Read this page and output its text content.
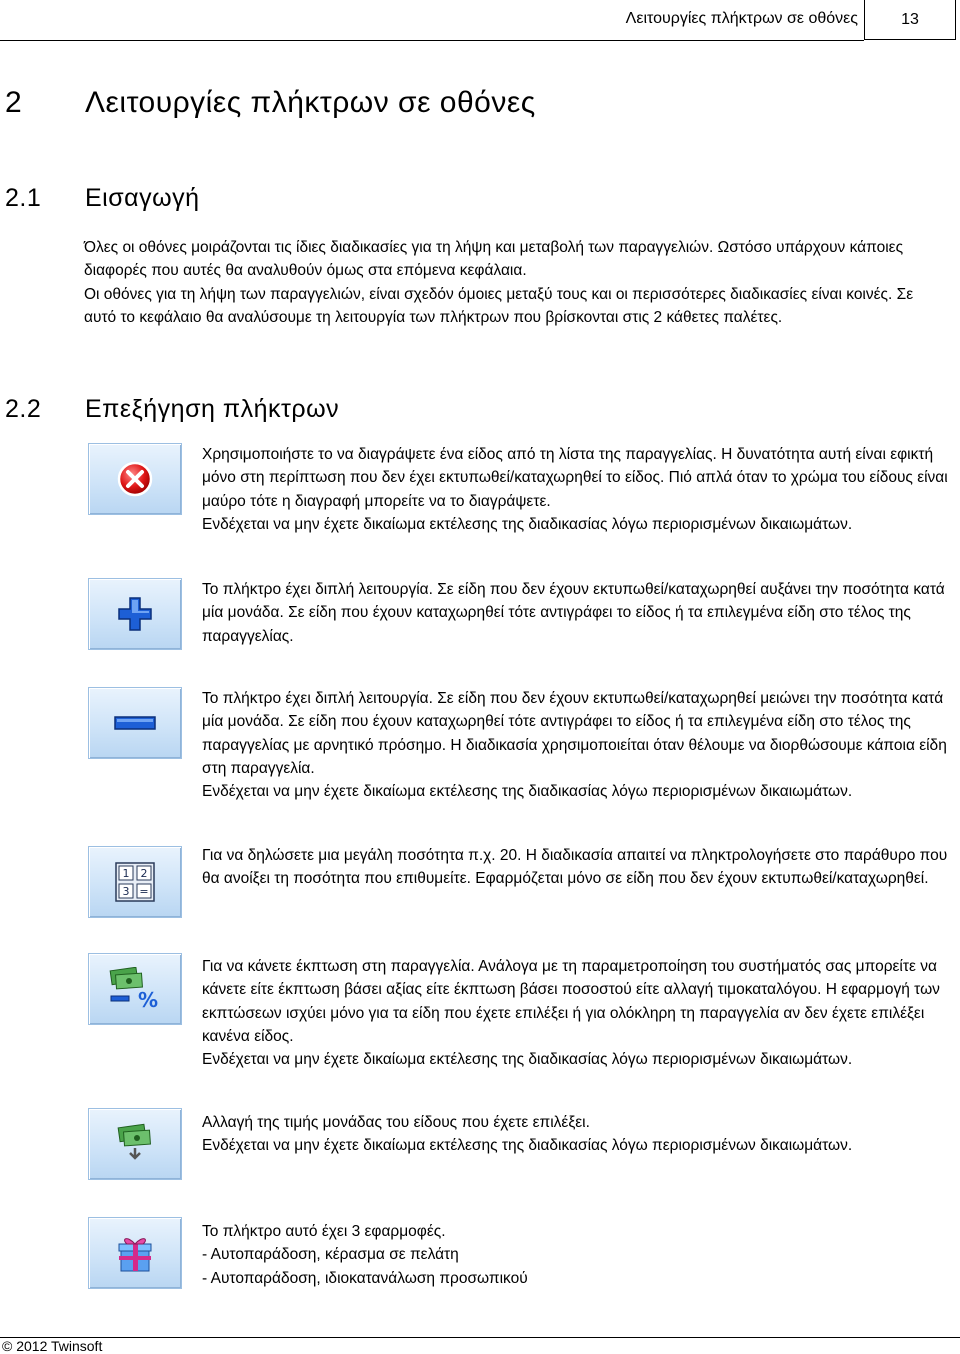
Λειτουργίες πλήκτρων σε οθόνες	13
2 Λειτουργίες πλήκτρων σε οθόνες
2.1 Εισαγωγή

Όλες οι οθόνες μοιράζονται τις ίδιες διαδικασίες για τη λήψη και μεταβολή των παραγγελιών. Ωστόσο υπάρχουν κάποιες διαφορές που αυτές θα αναλυθούν όμως στα επόμενα κεφάλαια.

Οι οθόνες για τη λήψη των παραγγελιών, είναι σχεδόν όμοιες μεταξύ τους και οι περισσότερες διαδικασίες είναι κοινές. Σε αυτό το κεφάλαιο θα αναλύσουμε τη λειτουργία των πλήκτρων που βρίσκονται στις 2 κάθετες παλέτες.

2.2 Επεξήγηση πλήκτρων

Χρησιμοποιήστε το να διαγράψετε ένα είδος από τη λίστα της παραγγελίας. Η δυνατότητα αυτή είναι εφικτή μόνο στη περίπτωση που δεν έχει εκτυπωθεί/καταχωρηθεί το είδος. Πιό απλά όταν το χρώμα του είδους είναι μαύρο τότε η διαγραφή μπορείτε να το διαγράψετε.

Ενδέχεται να μην έχετε δικαίωμα εκτέλεσης της διαδικασίας λόγω περιορισμένων δικαιωμάτων.

Το πλήκτρο έχει διπλή λειτουργία. Σε είδη που δεν έχουν εκτυπωθεί/καταχωρηθεί αυξάνει την ποσότητα κατά μία μονάδα. Σε είδη που έχουν καταχωρηθεί τότε αντιγράφει το είδος ή τα επιλεγμένα είδη στο τέλος της παραγγελίας.

Το πλήκτρο έχει διπλή λειτουργία. Σε είδη που δεν έχουν εκτυπωθεί/καταχωρηθεί μειώνει την ποσότητα κατά μία μονάδα. Σε είδη που έχουν καταχωρηθεί τότε αντιγράφει το είδος ή τα επιλεγμένα είδη στο τέλος της παραγγελίας με αρνητικό πρόσημο. Η διαδικασία χρησιμοποιείται όταν θέλουμε να διορθώσουμε κάποια είδη στη παραγγελία.

Ενδέχεται να μην έχετε δικαίωμα εκτέλεσης της διαδικασίας λόγω περιορισμένων δικαιωμάτων.

1 2
3 =

Για να δηλώσετε μια μεγάλη ποσότητα π.χ. 20. Η διαδικασία απαιτεί να πληκτρολογήσετε στο παράθυρο που θα ανοίξει τη ποσότητα που επιθυμείτε. Εφαρμόζεται μόνο σε είδη που δεν έχουν εκτυπωθεί/καταχωρηθεί.

%

Για να κάνετε έκπτωση στη παραγγελία. Ανάλογα με τη παραμετροποίηση του συστήματός σας μπορείτε να κάνετε είτε έκπτωση βάσει αξίας είτε έκπτωση βάσει ποσοστού είτε αλλαγή τιμοκαταλόγου. Η εφαρμογή των εκπτώσεων ισχύει μόνο για τα είδη που έχετε επιλέξει ή για ολόκληρη τη παραγγελία αν δεν έχετε επιλέξει κανένα είδος.

Ενδέχεται να μην έχετε δικαίωμα εκτέλεσης της διαδικασίας λόγω περιορισμένων δικαιωμάτων.

Αλλαγή της τιμής μονάδας του είδους που έχετε επιλέξει.

Ενδέχεται να μην έχετε δικαίωμα εκτέλεσης της διαδικασίας λόγω περιορισμένων δικαιωμάτων.

Το πλήκτρο αυτό έχει 3 εφαρμοφές.

- Αυτοπαράδοση, κέρασμα σε πελάτη

- Αυτοπαράδοση, ιδιοκατανάλωση προσωπικού

© 2012 Twinsoft
